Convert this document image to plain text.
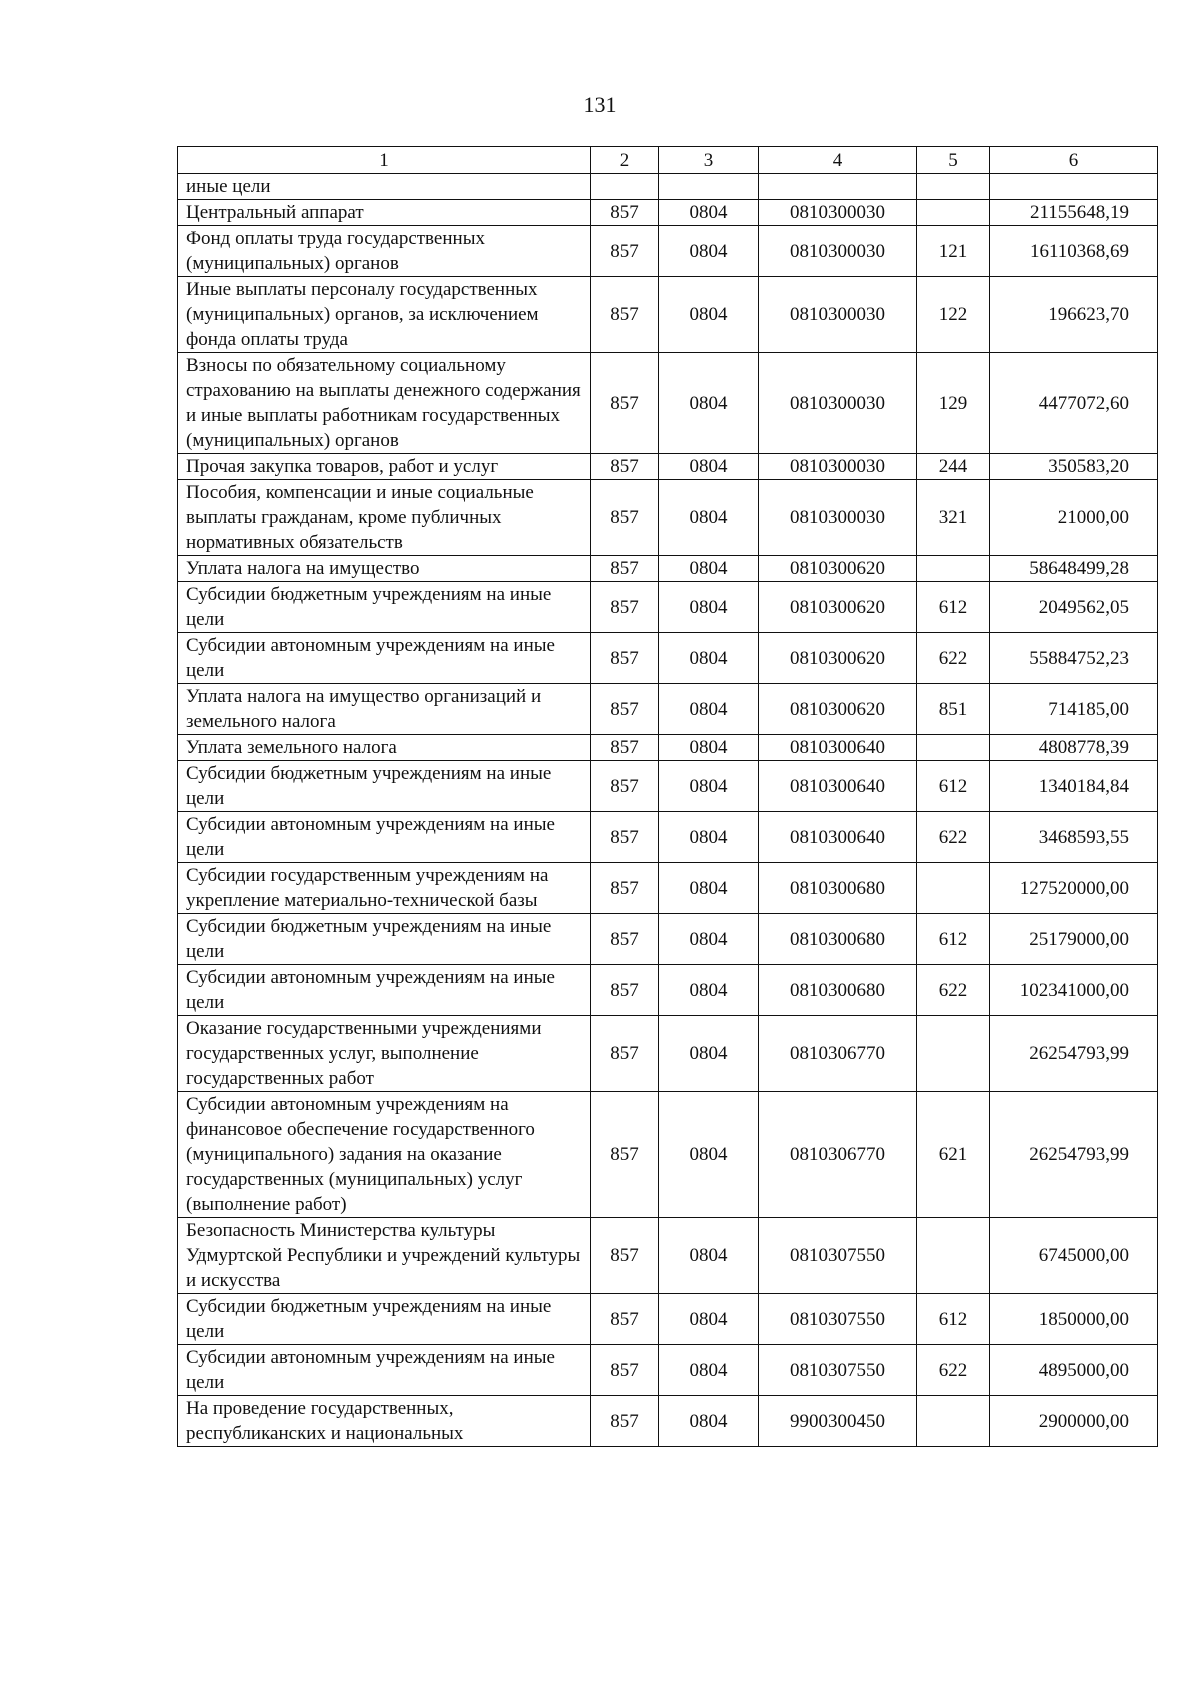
131
1	2	3	4	5	6
иные цели					
Центральный аппарат	857	0804	0810300030		21155648,19
Фонд оплаты труда государственных (муниципальных) органов	857	0804	0810300030	121	16110368,69
Иные выплаты персоналу государственных (муниципальных) органов, за исключением фонда оплаты труда	857	0804	0810300030	122	196623,70
Взносы по обязательному социальному страхованию на выплаты денежного содержания и иные выплаты работникам государственных (муниципальных) органов	857	0804	0810300030	129	4477072,60
Прочая закупка товаров, работ и услуг	857	0804	0810300030	244	350583,20
Пособия, компенсации и иные социальные выплаты гражданам, кроме публичных нормативных обязательств	857	0804	0810300030	321	21000,00
Уплата налога на имущество	857	0804	0810300620		58648499,28
Субсидии бюджетным учреждениям на иные цели	857	0804	0810300620	612	2049562,05
Субсидии автономным учреждениям на иные цели	857	0804	0810300620	622	55884752,23
Уплата налога на имущество организаций и земельного налога	857	0804	0810300620	851	714185,00
Уплата земельного налога	857	0804	0810300640		4808778,39
Субсидии бюджетным учреждениям на иные цели	857	0804	0810300640	612	1340184,84
Субсидии автономным учреждениям на иные цели	857	0804	0810300640	622	3468593,55
Субсидии государственным учреждениям на укрепление материально-технической базы	857	0804	0810300680		127520000,00
Субсидии бюджетным учреждениям на иные цели	857	0804	0810300680	612	25179000,00
Субсидии автономным учреждениям на иные цели	857	0804	0810300680	622	102341000,00
Оказание государственными учреждениями государственных услуг, выполнение государственных работ	857	0804	0810306770		26254793,99
Субсидии автономным учреждениям на финансовое обеспечение государственного (муниципального) задания на оказание государственных (муниципальных) услуг (выполнение работ)	857	0804	0810306770	621	26254793,99
Безопасность Министерства культуры Удмуртской Республики и учреждений культуры и искусства	857	0804	0810307550		6745000,00
Субсидии бюджетным учреждениям на иные цели	857	0804	0810307550	612	1850000,00
Субсидии автономным учреждениям на иные цели	857	0804	0810307550	622	4895000,00
На проведение государственных, республиканских и национальных	857	0804	9900300450		2900000,00
